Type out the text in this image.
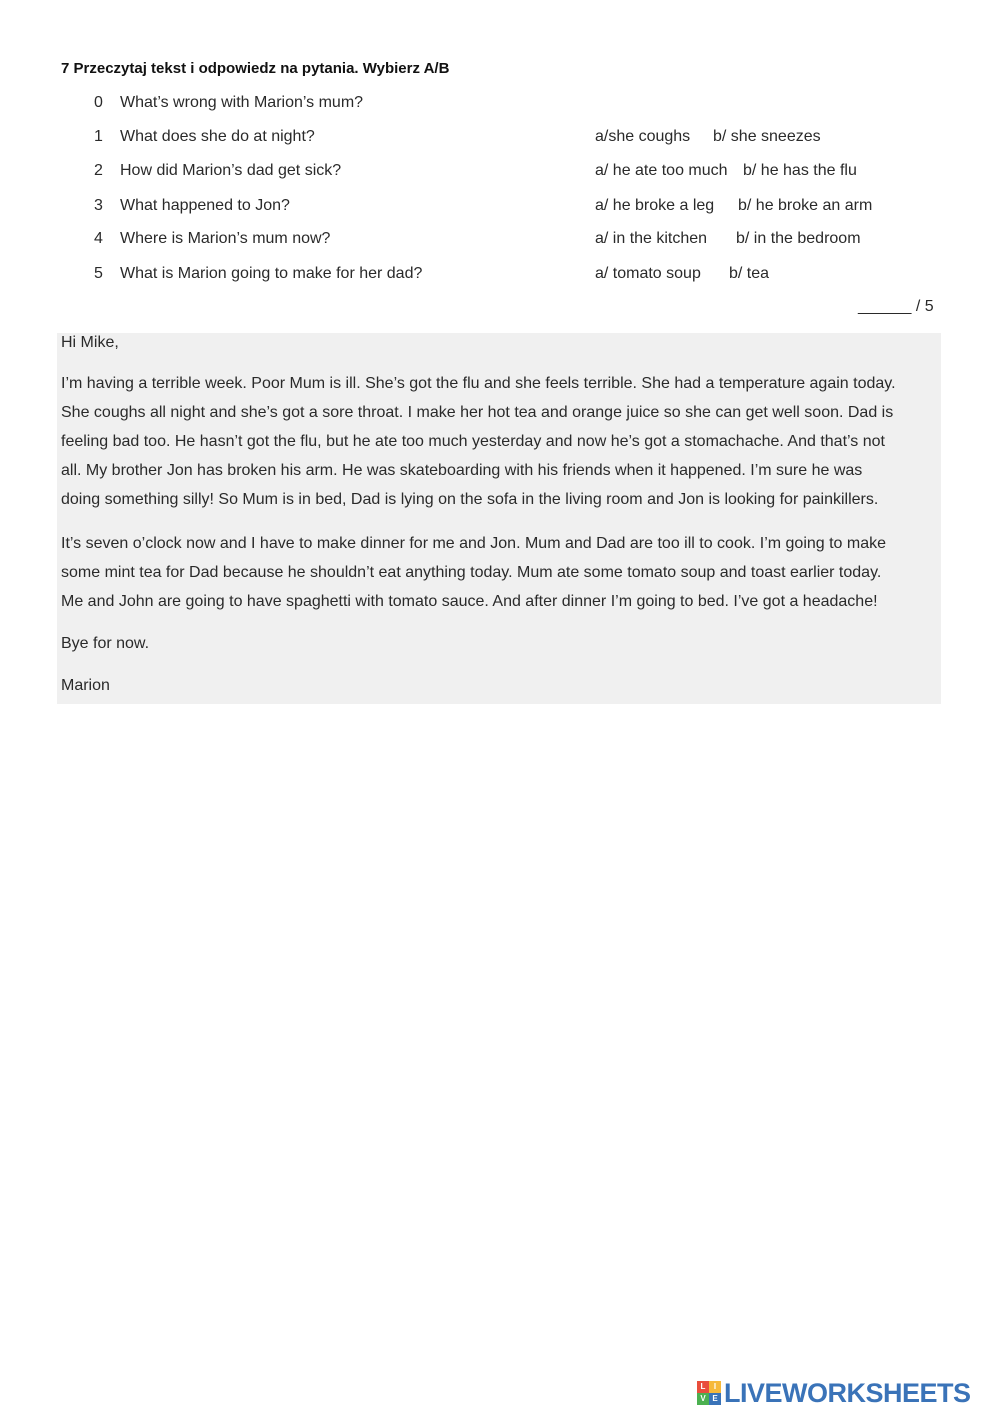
7 Przeczytaj tekst i odpowiedz na pytania. Wybierz A/B
0 What’s wrong with Marion’s mum?
1 What does she do at night?	a/she coughs b/ she sneezes
2 How did Marion’s dad get sick?	a/ he ate too much b/ he has the flu
3 What happened to Jon?	a/ he broke a leg b/ he broke an arm
4 Where is Marion’s mum now?	a/ in the kitchen b/ in the bedroom
5 What is Marion going to make for her dad?	a/ tomato soup b/ tea
______ / 5

Hi Mike,

I’m having a terrible week. Poor Mum is ill. She’s got the flu and she feels terrible. She had a temperature again today.
She coughs all night and she’s got a sore throat. I make her hot tea and orange juice so she can get well soon. Dad is
feeling bad too. He hasn’t got the flu, but he ate too much yesterday and now he’s got a stomachache. And that’s not
all. My brother Jon has broken his arm. He was skateboarding with his friends when it happened. I’m sure he was
doing something silly! So Mum is in bed, Dad is lying on the sofa in the living room and Jon is looking for painkillers.

It’s seven o’clock now and I have to make dinner for me and Jon. Mum and Dad are too ill to cook. I’m going to make
some mint tea for Dad because he shouldn’t eat anything today. Mum ate some tomato soup and toast earlier today.
Me and John are going to have spaghetti with tomato sauce. And after dinner I’m going to bed. I’ve got a headache!

Bye for now.

Marion

L	I
V E LIVEWORKSHEETS
